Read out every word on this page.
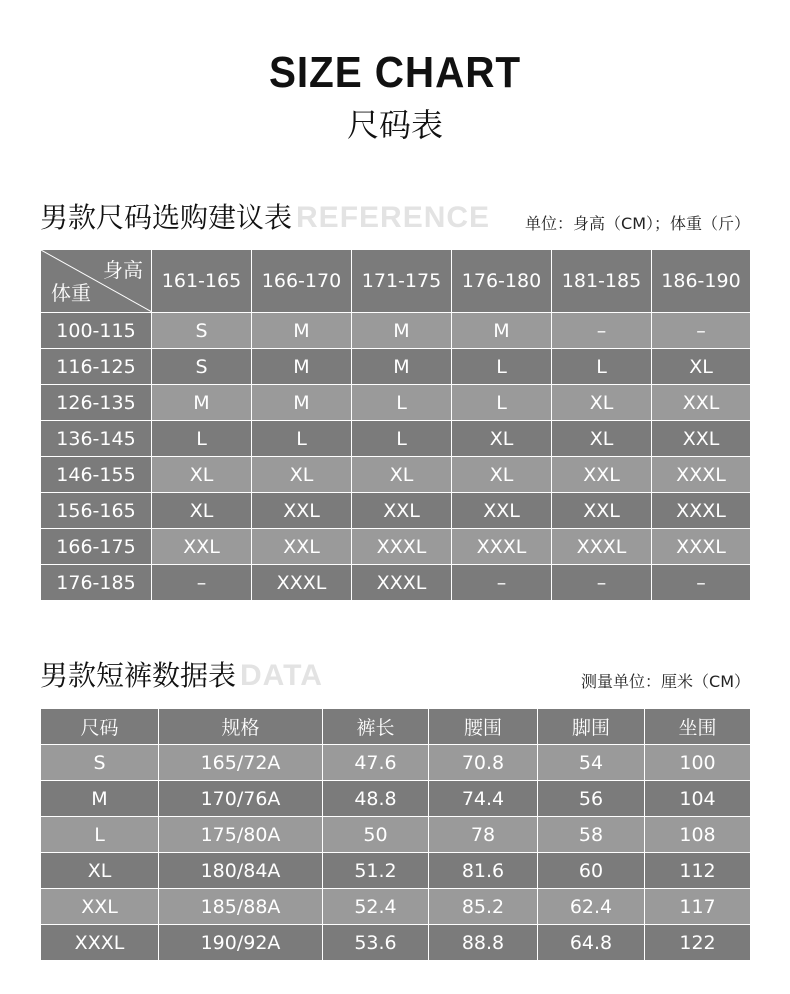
SIZE CHART
尺码表
男款尺码选购建议表 REFERENCE 单位：身高（CM）；体重（斤）
身高
体重	161-165	166-170	171-175	176-180	181-185	186-190
100-115	S	M	M	M	–	–
116-125	S	M	M	L	L	XL
126-135	M	M	L	L	XL	XXL
136-145	L	L	L	XL	XL	XXL
146-155	XL	XL	XL	XL	XXL	XXXL
156-165	XL	XXL	XXL	XXL	XXL	XXXL
166-175	XXL	XXL	XXXL	XXXL	XXXL	XXXL
176-185	–	XXXL	XXXL	–	–	–
男款短裤数据表 DATA	测量单位：厘米（CM）
尺码	规格	裤长	腰围	脚围	坐围
S	165/72A	47.6	70.8	54	100
M	170/76A	48.8	74.4	56	104
L	175/80A	50	78	58	108
XL	180/84A	51.2	81.6	60	112
XXL	185/88A	52.4	85.2	62.4	117
XXXL	190/92A	53.6	88.8	64.8	122
